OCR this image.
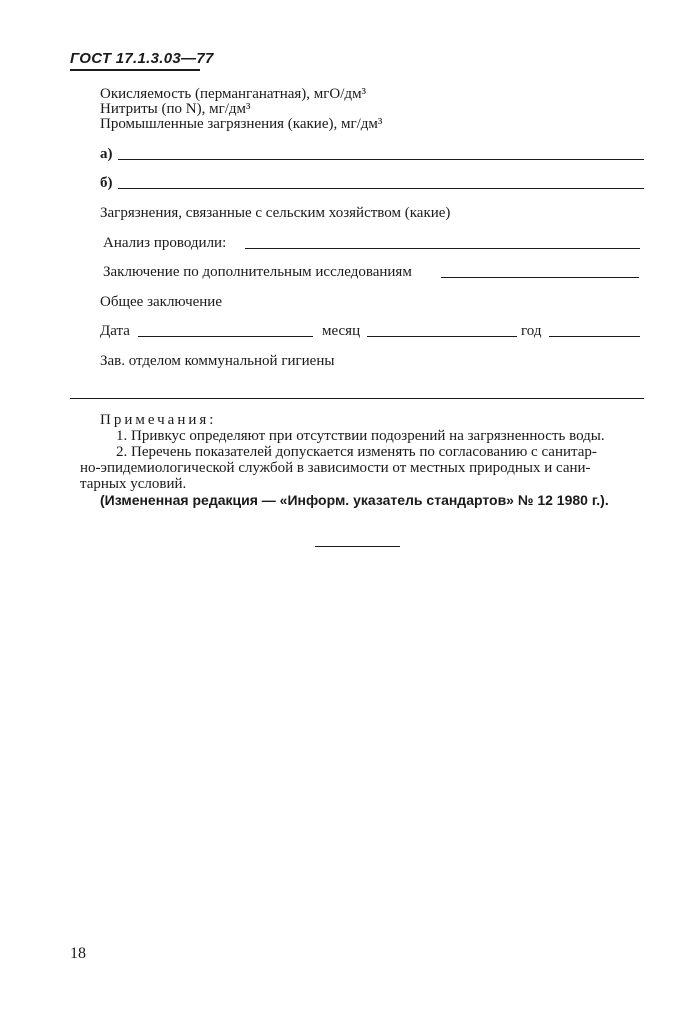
ГОСТ 17.1.3.03—77
Окисляемость (перманганатная), мгО/дм³
Нитриты (по N), мг/дм³
Промышленные загрязнения (какие), мг/дм³
а)
б)
Загрязнения, связанные с сельским хозяйством (какие)
Анализ проводили:
Заключение по дополнительным исследованиям
Общее заключение
Дата	месяц	год
Зав. отделом коммунальной гигиены
Примечания:
1. Привкус определяют при отсутствии подозрений на загрязненность воды.
2. Перечень показателей допускается изменять по согласованию с санитар-
но-эпидемиологической службой в зависимости от местных природных и сани-
тарных условий.
(Измененная редакция — «Информ. указатель стандартов» № 12 1980 г.).
18
